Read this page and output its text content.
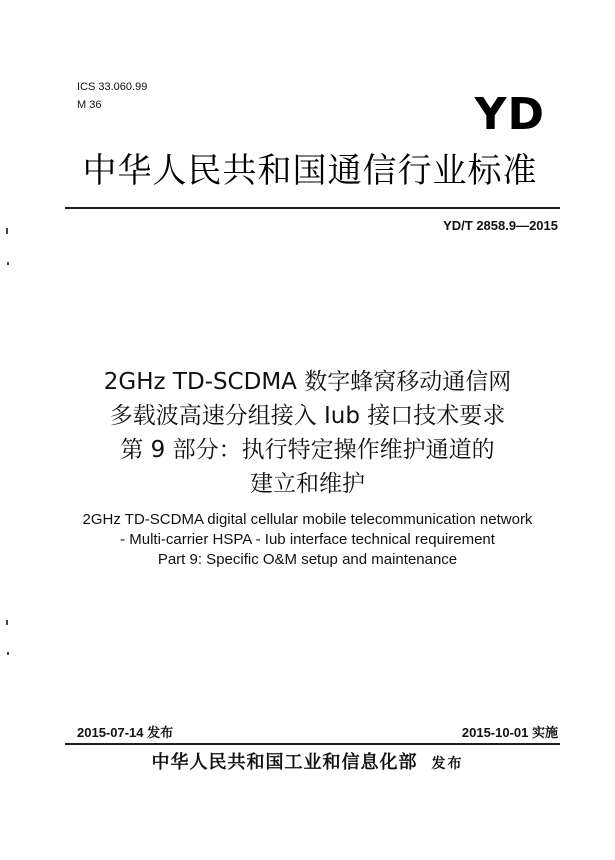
ICS 33.060.99
M 36	YD
中华人民共和国通信行业标准
YD/T 2858.9—2015
2GHz TD-SCDMA 数字蜂窝移动通信网
多载波高速分组接入 Iub 接口技术要求
第 9 部分：执行特定操作维护通道的
建立和维护
2GHz TD-SCDMA digital cellular mobile telecommunication network
- Multi-carrier HSPA - Iub interface technical requirement
Part 9: Specific O&M setup and maintenance
2015-07-14 发布	2015-10-01 实施
中华人民共和国工业和信息化部 发布
